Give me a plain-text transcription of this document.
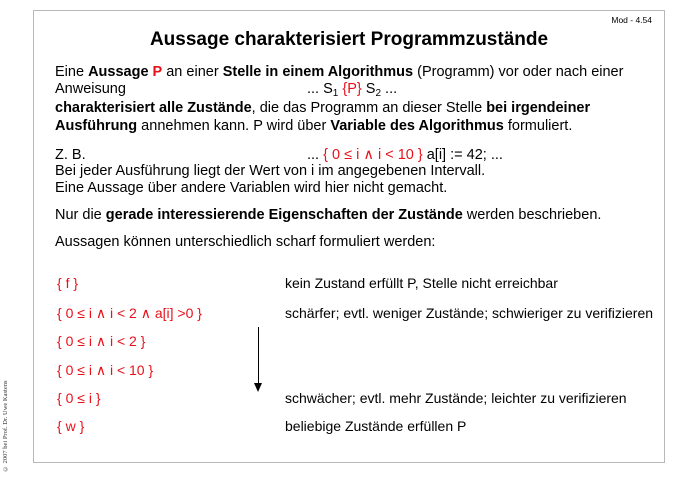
© 2007 bei Prof. Dr. Uwe Kastens
Mod - 4.54
Aussage charakterisiert Programmzustände
Eine Aussage P an einer Stelle in einem Algorithmus (Programm) vor oder nach einer
Anweisung	... $S_1$ {P} $S_2$ ...
charakterisiert alle Zustände, die das Programm an dieser Stelle bei irgendeiner
Ausführung annehmen kann. P wird über Variable des Algorithmus formuliert.
Z. B.	... { 0 ≤ i ∧ i < 10 } a[i] := 42; ...
Bei jeder Ausführung liegt der Wert von i im angegebenen Intervall.
Eine Aussage über andere Variablen wird hier nicht gemacht.
Nur die gerade interessierende Eigenschaften der Zustände werden beschrieben.
Aussagen können unterschiedlich scharf formuliert werden:
{ f }	kein Zustand erfüllt P, Stelle nicht erreichbar
{ 0 ≤ i ∧ i < 2 ∧ a[i] >0 }	schärfer; evtl. weniger Zustände; schwieriger zu verifizieren
{ 0 ≤ i ∧ i < 2 }
{ 0 ≤ i ∧ i < 10 }
{ 0 ≤ i }	schwächer; evtl. mehr Zustände; leichter zu verifizieren
{ w }	beliebige Zustände erfüllen P
